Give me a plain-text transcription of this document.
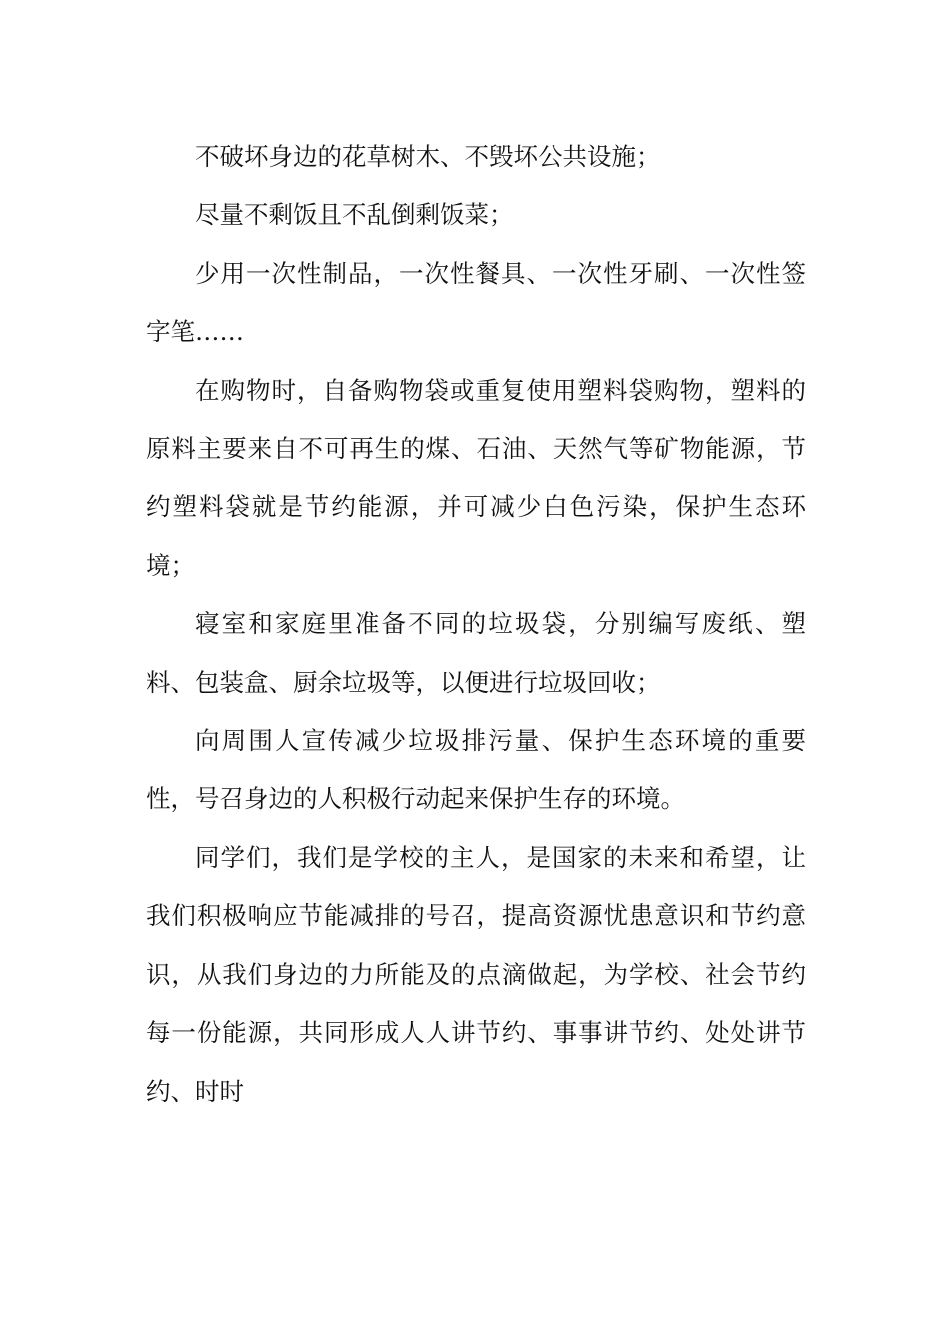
不破坏身边的花草树木、不毁坏公共设施；

尽量不剩饭且不乱倒剩饭菜；

少用一次性制品，一次性餐具、一次性牙刷、一次性签字笔……

在购物时，自备购物袋或重复使用塑料袋购物，塑料的原料主要来自不可再生的煤、石油、天然气等矿物能源，节约塑料袋就是节约能源，并可减少白色污染，保护生态环境；

寝室和家庭里准备不同的垃圾袋，分别编写废纸、塑料、包装盒、厨余垃圾等，以便进行垃圾回收；

向周围人宣传减少垃圾排污量、保护生态环境的重要性，号召身边的人积极行动起来保护生存的环境。

同学们，我们是学校的主人，是国家的未来和希望，让我们积极响应节能减排的号召，提高资源忧患意识和节约意识，从我们身边的力所能及的点滴做起，为学校、社会节约每一份能源，共同形成人人讲节约、事事讲节约、处处讲节约、时时
